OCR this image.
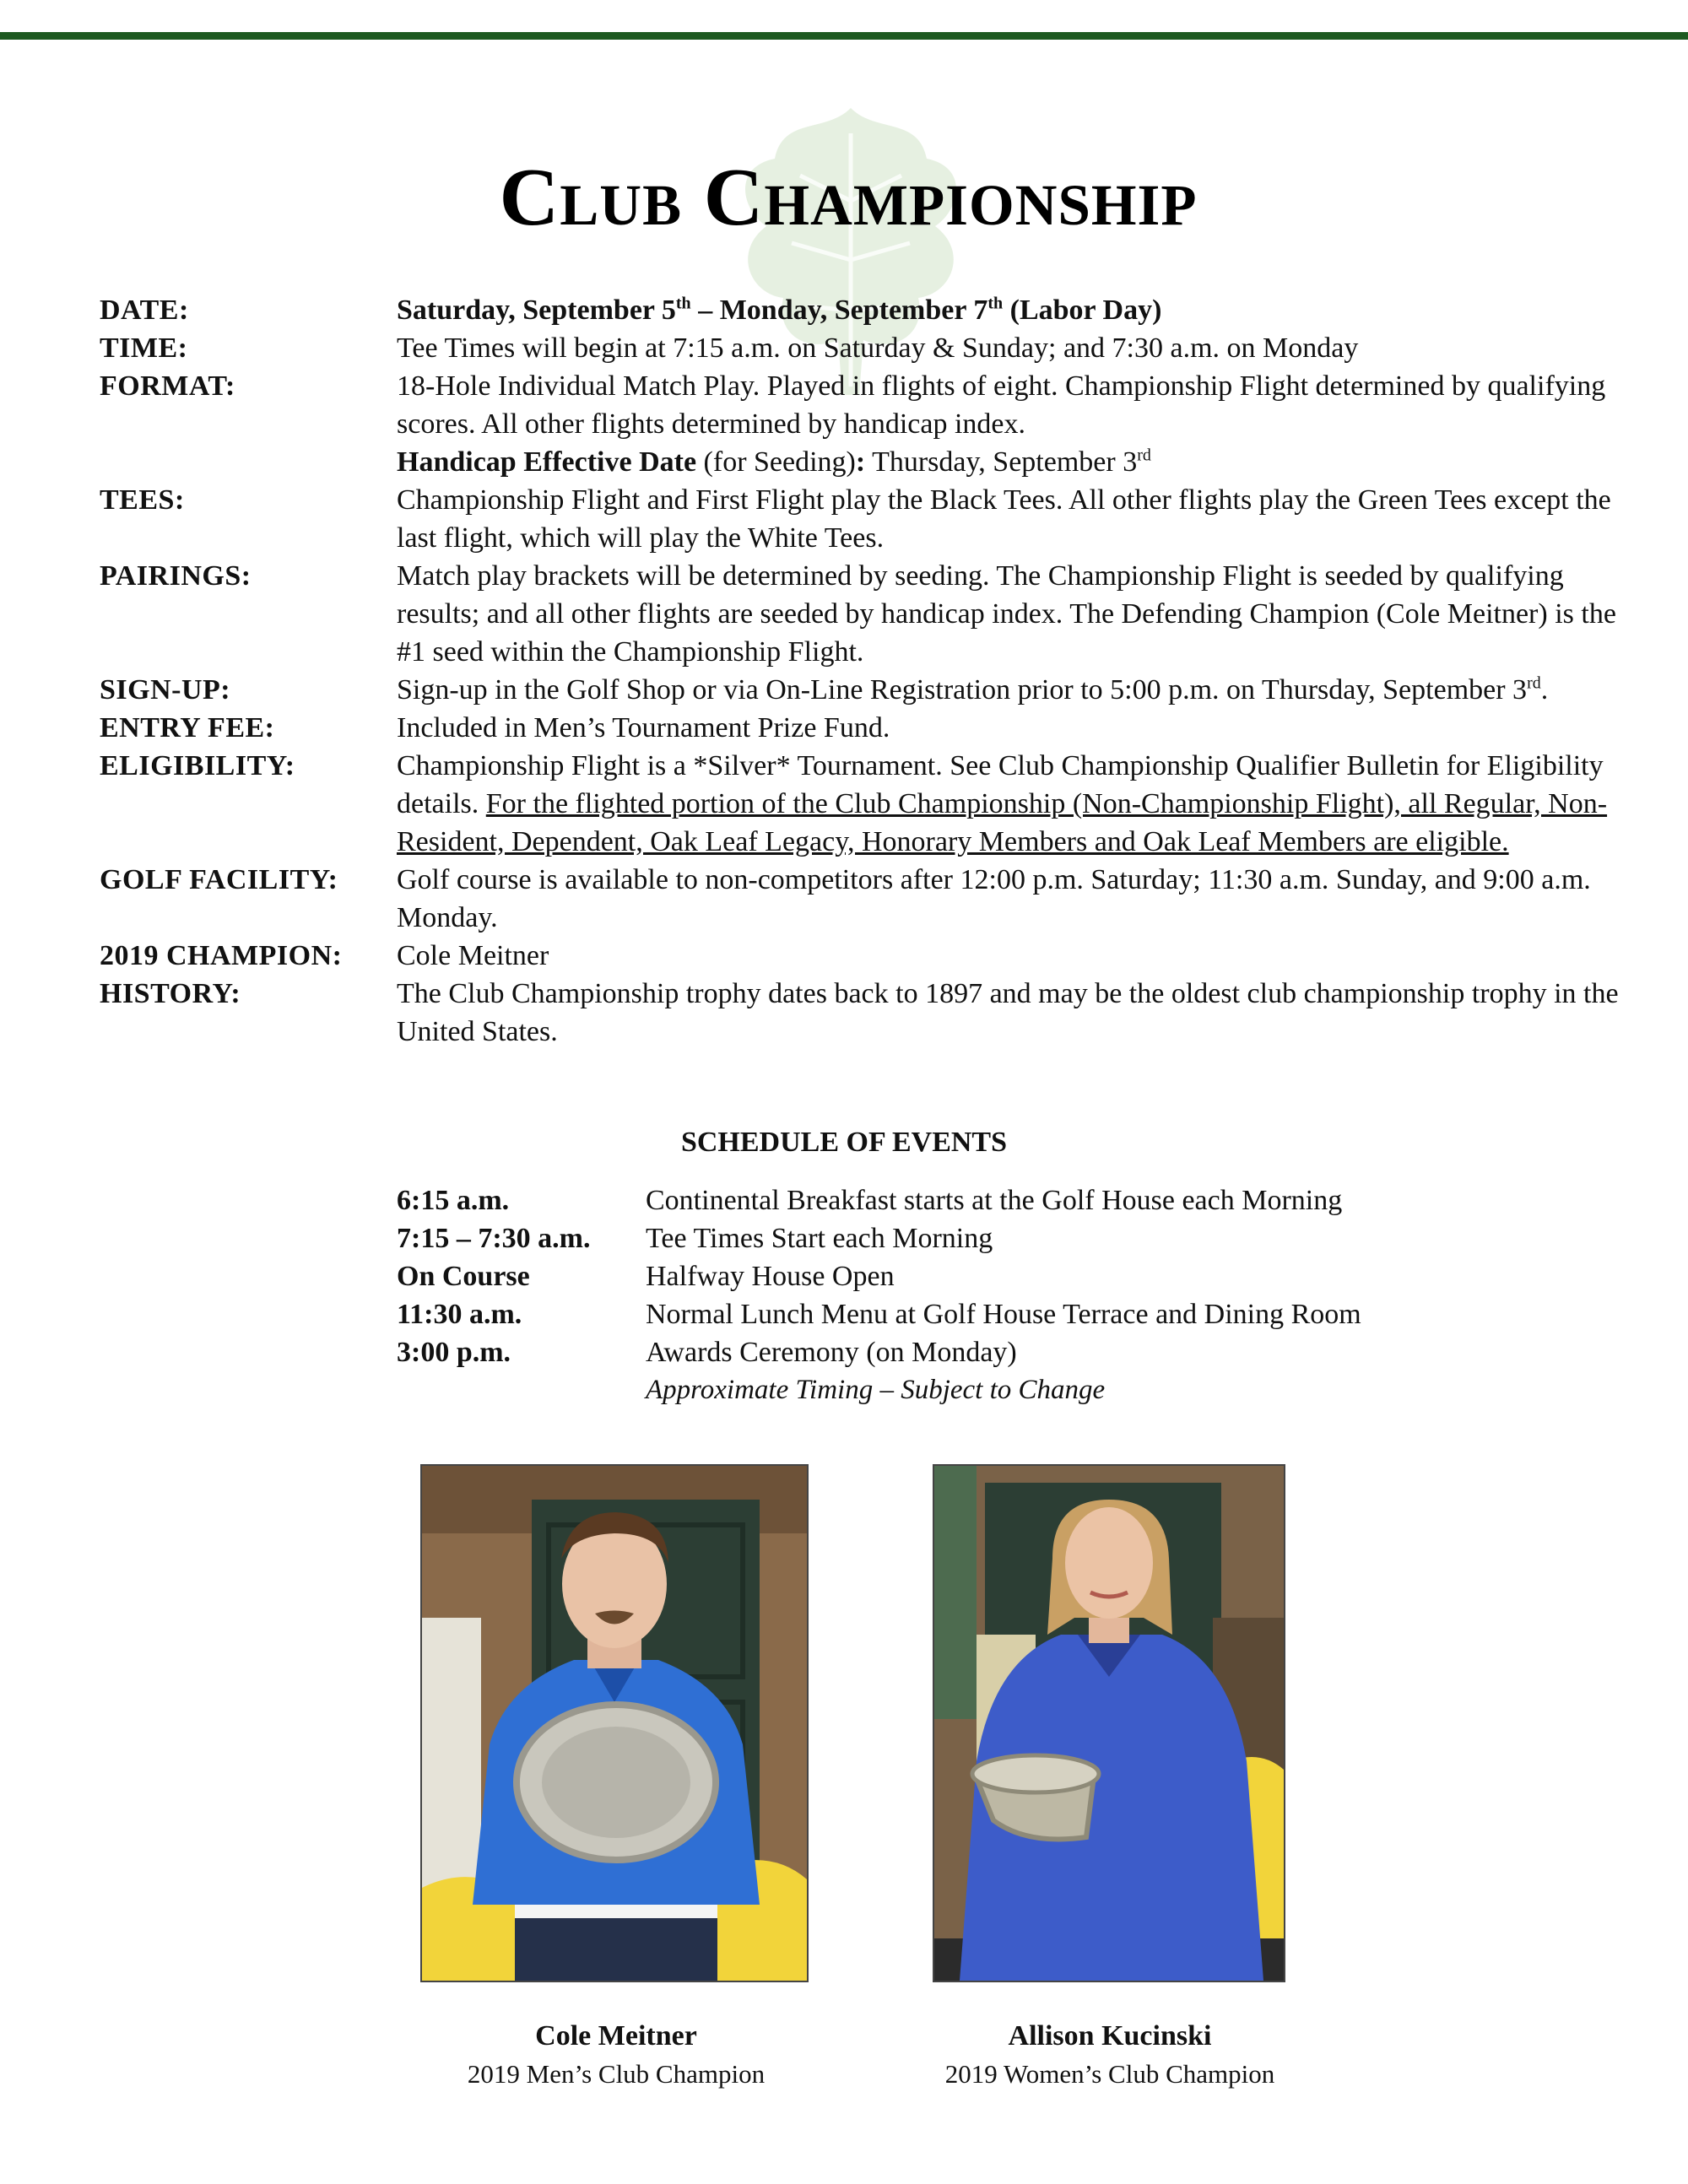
Club Championship
DATE:	Saturday, September 5th – Monday, September 7th (Labor Day)
TIME:	Tee Times will begin at 7:15 a.m. on Saturday & Sunday; and 7:30 a.m. on Monday
FORMAT:	18-Hole Individual Match Play. Played in flights of eight. Championship Flight determined by qualifying scores. All other flights determined by handicap index.
Handicap Effective Date (for Seeding): Thursday, September 3rd
TEES:	Championship Flight and First Flight play the Black Tees. All other flights play the Green Tees except the last flight, which will play the White Tees.
PAIRINGS:	Match play brackets will be determined by seeding. The Championship Flight is seeded by qualifying results; and all other flights are seeded by handicap index. The Defending Champion (Cole Meitner) is the #1 seed within the Championship Flight.
SIGN-UP:	Sign-up in the Golf Shop or via On-Line Registration prior to 5:00 p.m. on Thursday, September 3rd.
ENTRY FEE:	Included in Men’s Tournament Prize Fund.
ELIGIBILITY:	Championship Flight is a *Silver* Tournament. See Club Championship Qualifier Bulletin for Eligibility details. For the flighted portion of the Club Championship (Non-Championship Flight), all Regular, Non-Resident, Dependent, Oak Leaf Legacy, Honorary Members and Oak Leaf Members are eligible.
GOLF FACILITY:	Golf course is available to non-competitors after 12:00 p.m. Saturday; 11:30 a.m. Sunday, and 9:00 a.m. Monday.
2019 CHAMPION:	Cole Meitner
HISTORY:	The Club Championship trophy dates back to 1897 and may be the oldest club championship trophy in the United States.
SCHEDULE OF EVENTS
6:15 a.m.	Continental Breakfast starts at the Golf House each Morning
7:15 – 7:30 a.m.	Tee Times Start each Morning
On Course	Halfway House Open
11:30 a.m.	Normal Lunch Menu at Golf House Terrace and Dining Room
3:00 p.m.	Awards Ceremony (on Monday)
Approximate Timing – Subject to Change
Cole Meitner
2019 Men’s Club Champion
Allison Kucinski
2019 Women’s Club Champion
